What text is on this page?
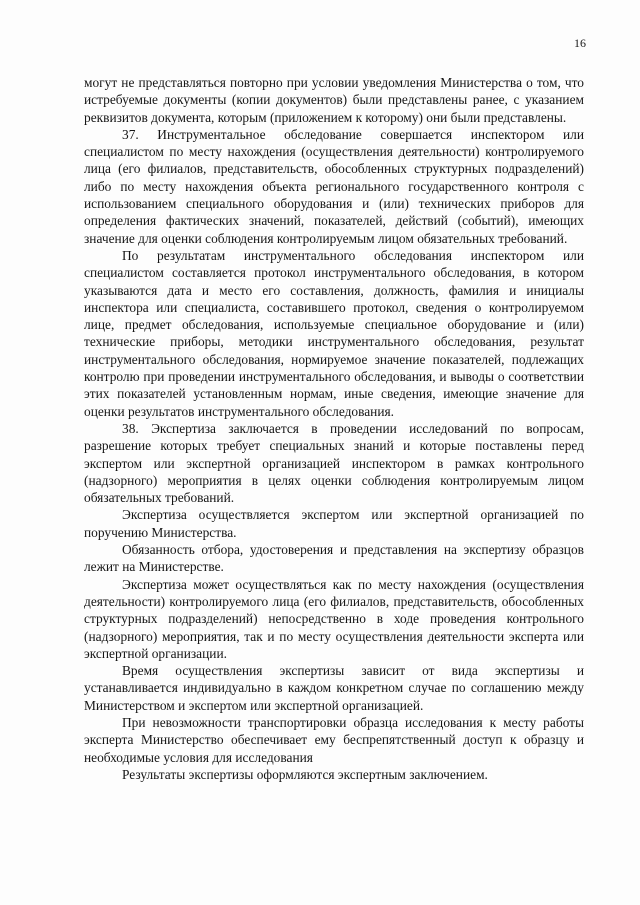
16

могут не представляться повторно при условии уведомления Министерства о том, что истребуемые документы (копии документов) были представлены ранее, с указанием реквизитов документа, которым (приложением к которому) они были представлены.

37. Инструментальное обследование совершается инспектором или специалистом по месту нахождения (осуществления деятельности) контролируемого лица (его филиалов, представительств, обособленных структурных подразделений) либо по месту нахождения объекта регионального государственного контроля с использованием специального оборудования и (или) технических приборов для определения фактических значений, показателей, действий (событий), имеющих значение для оценки соблюдения контролируемым лицом обязательных требований.

По результатам инструментального обследования инспектором или специалистом составляется протокол инструментального обследования, в котором указываются дата и место его составления, должность, фамилия и инициалы инспектора или специалиста, составившего протокол, сведения о контролируемом лице, предмет обследования, используемые специальное оборудование и (или) технические приборы, методики инструментального обследования, результат инструментального обследования, нормируемое значение показателей, подлежащих контролю при проведении инструментального обследования, и выводы о соответствии этих показателей установленным нормам, иные сведения, имеющие значение для оценки результатов инструментального обследования.

38. Экспертиза заключается в проведении исследований по вопросам, разрешение которых требует специальных знаний и которые поставлены перед экспертом или экспертной организацией инспектором в рамках контрольного (надзорного) мероприятия в целях оценки соблюдения контролируемым лицом обязательных требований.

Экспертиза осуществляется экспертом или экспертной организацией по поручению Министерства.

Обязанность отбора, удостоверения и представления на экспертизу образцов лежит на Министерстве.

Экспертиза может осуществляться как по месту нахождения (осуществления деятельности) контролируемого лица (его филиалов, представительств, обособленных структурных подразделений) непосредственно в ходе проведения контрольного (надзорного) мероприятия, так и по месту осуществления деятельности эксперта или экспертной организации.

Время осуществления экспертизы зависит от вида экспертизы и устанавливается индивидуально в каждом конкретном случае по соглашению между Министерством и экспертом или экспертной организацией.

При невозможности транспортировки образца исследования к месту работы эксперта Министерство обеспечивает ему беспрепятственный доступ к образцу и необходимые условия для исследования

Результаты экспертизы оформляются экспертным заключением.
